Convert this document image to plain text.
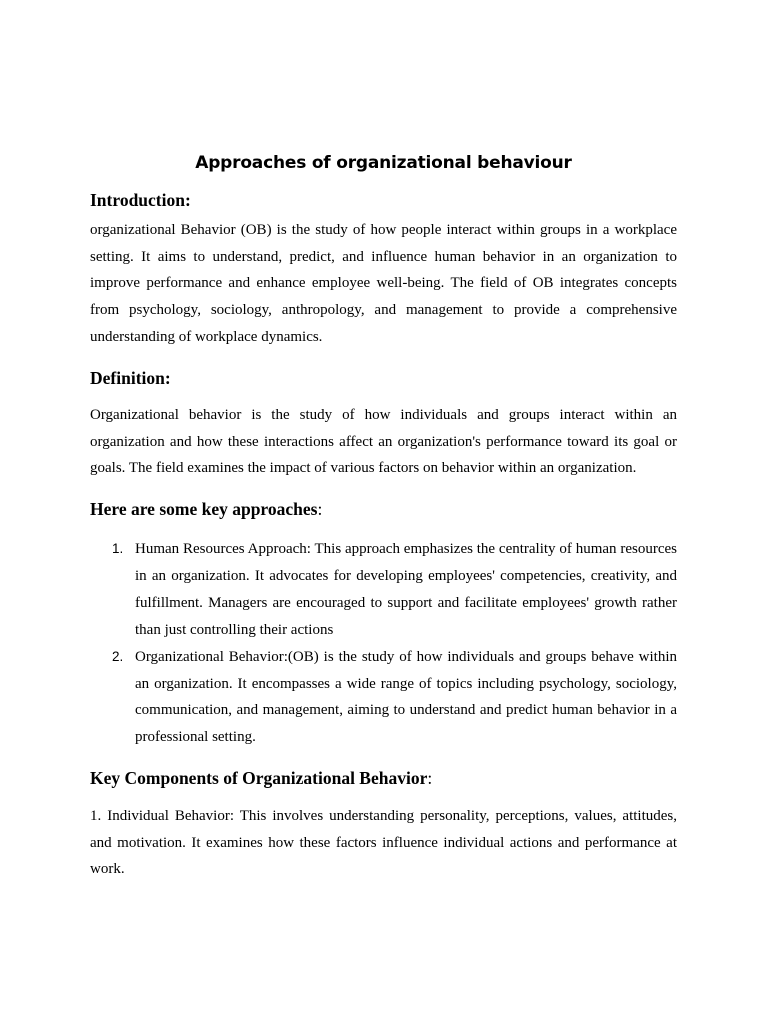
Approaches of organizational behaviour
Introduction:

organizational Behavior (OB) is the study of how people interact within groups in a workplace setting. It aims to understand, predict, and influence human behavior in an organization to improve performance and enhance employee well-being. The field of OB integrates concepts from psychology, sociology, anthropology, and management to provide a comprehensive understanding of workplace dynamics.

Definition:

Organizational behavior is the study of how individuals and groups interact within an organization and how these interactions affect an organization's performance toward its goal or goals. The field examines the impact of various factors on behavior within an organization.

Here are some key approaches:
1. Human Resources Approach: This approach emphasizes the centrality of human resources in an organization. It advocates for developing employees' competencies, creativity, and fulfillment. Managers are encouraged to support and facilitate employees' growth rather than just controlling their actions
2. Organizational Behavior:(OB) is the study of how individuals and groups behave within an organization. It encompasses a wide range of topics including psychology, sociology, communication, and management, aiming to understand and predict human behavior in a professional setting.
Key Components of Organizational Behavior:

1. Individual Behavior: This involves understanding personality, perceptions, values, attitudes, and motivation. It examines how these factors influence individual actions and performance at work.
